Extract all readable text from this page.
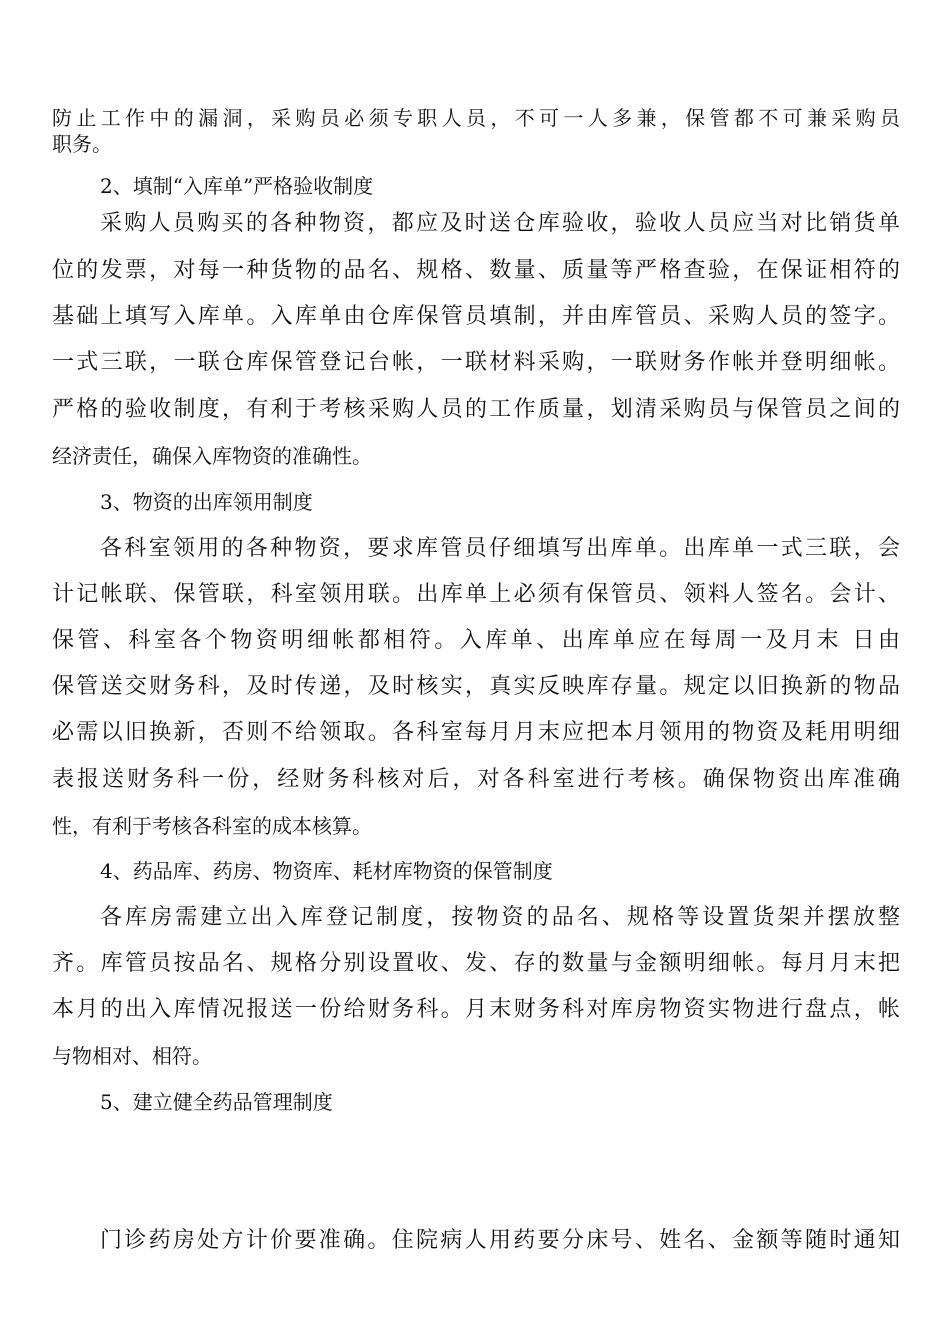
防止工作中的漏洞，采购员必须专职人员，不可一人多兼，保管都不可兼采购员
职务。
2、填制“入库单”严格验收制度
采购人员购买的各种物资，都应及时送仓库验收，验收人员应当对比销货单
位的发票，对每一种货物的品名、规格、数量、质量等严格查验，在保证相符的
基础上填写入库单。入库单由仓库保管员填制，并由库管员、采购人员的签字。
一式三联，一联仓库保管登记台帐，一联材料采购，一联财务作帐并登明细帐。
严格的验收制度，有利于考核采购人员的工作质量，划清采购员与保管员之间的
经济责任，确保入库物资的准确性。
3、物资的出库领用制度
各科室领用的各种物资，要求库管员仔细填写出库单。出库单一式三联，会
计记帐联、保管联，科室领用联。出库单上必须有保管员、领料人签名。会计、
保管、科室各个物资明细帐都相符。入库单、出库单应在每周一及月末 日由
保管送交财务科，及时传递，及时核实，真实反映库存量。规定以旧换新的物品
必需以旧换新，否则不给领取。各科室每月月末应把本月领用的物资及耗用明细
表报送财务科一份，经财务科核对后，对各科室进行考核。确保物资出库准确
性，有利于考核各科室的成本核算。
4、药品库、药房、物资库、耗材库物资的保管制度
各库房需建立出入库登记制度，按物资的品名、规格等设置货架并摆放整
齐。库管员按品名、规格分别设置收、发、存的数量与金额明细帐。每月月末把
本月的出入库情况报送一份给财务科。月末财务科对库房物资实物进行盘点，帐
与物相对、相符。
5、建立健全药品管理制度
门诊药房处方计价要准确。住院病人用药要分床号、姓名、金额等随时通知
